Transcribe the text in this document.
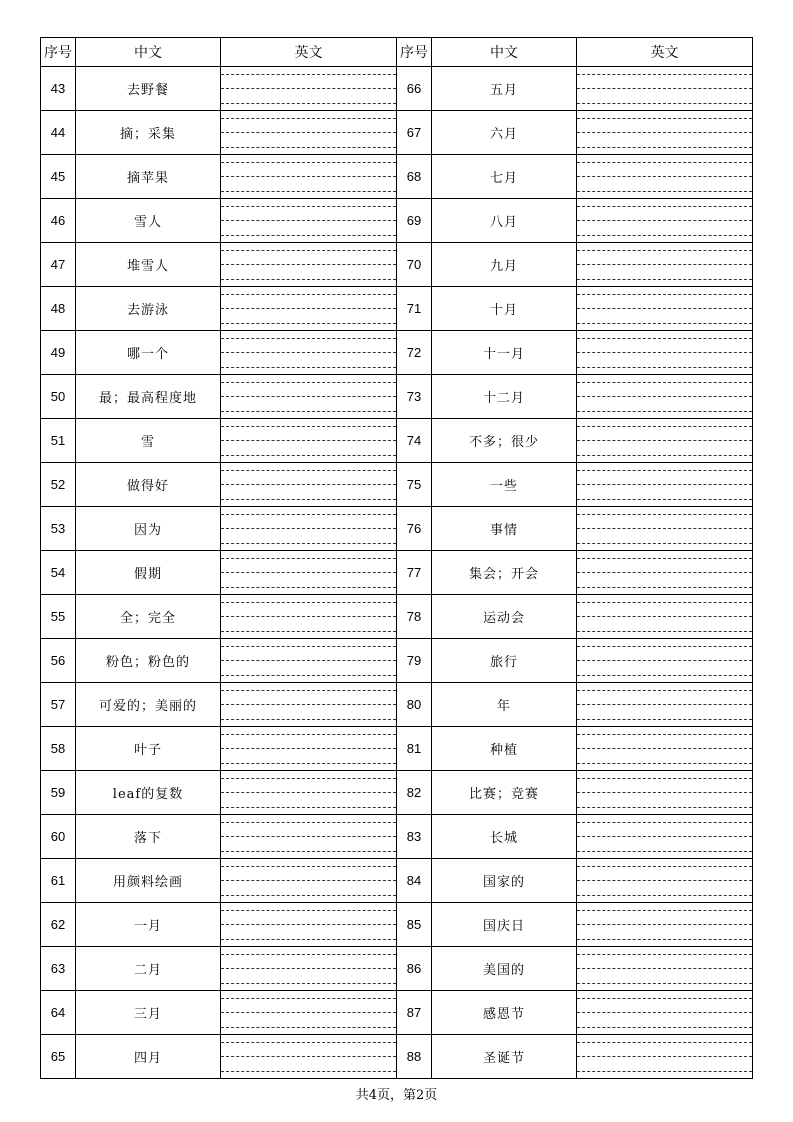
序号	中文	英文	序号	中文	英文
43	去野餐		66	五月	

44	摘；采集		67	六月	

45	摘苹果		68	七月	

46	雪人		69	八月	

47	堆雪人		70	九月	

48	去游泳		71	十月	

49	哪一个		72	十一月	

50	最；最高程度地		73	十二月	

51	雪		74	不多；很少	

52	做得好		75	一些	

53	因为		76	事情	

54	假期		77	集会；开会	

55	全；完全		78	运动会	

56	粉色；粉色的		79	旅行	

57	可爱的；美丽的		80	年	

58	叶子		81	种植	

59	leaf的复数		82	比赛；竞赛	

60	落下		83	长城	

61	用颜料绘画		84	国家的	

62	一月		85	国庆日	

63	二月		86	美国的	

64	三月		87	感恩节	

65	四月		88	圣诞节	
共4页，第2页
